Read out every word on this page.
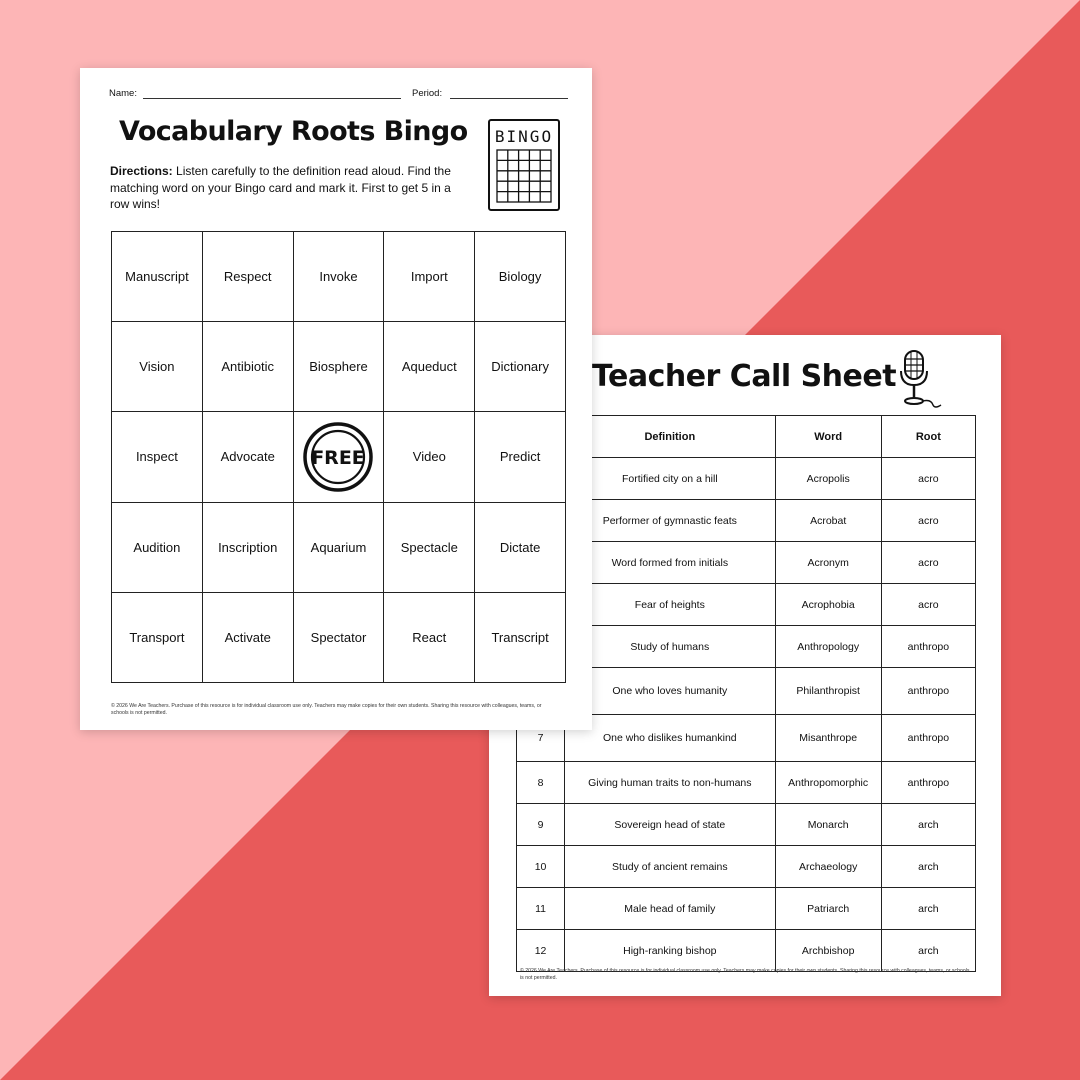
Teacher Call Sheet
	Definition	Word	Root
	Fortified city on a hill	Acropolis	acro
	Performer of gymnastic feats	Acrobat	acro
	Word formed from initials	Acronym	acro
	Fear of heights	Acrophobia	acro
	Study of humans	Anthropology	anthropo
	One who loves humanity	Philanthropist	anthropo
7	One who dislikes humankind	Misanthrope	anthropo
8	Giving human traits to non-humans	Anthropomorphic	anthropo
9	Sovereign head of state	Monarch	arch
10	Study of ancient remains	Archaeology	arch
11	Male head of family	Patriarch	arch
12	High-ranking bishop	Archbishop	arch
© 2026 We Are Teachers. Purchase of this resource is for individual classroom use only. Teachers may make copies for their own students. Sharing this resource with colleagues, teams, or schools is not permitted.
Name:	Period:
Vocabulary Roots Bingo

Directions: Listen carefully to the definition read aloud. Find the matching word on your Bingo card and mark it. First to get 5 in a row wins!

BINGO
Manuscript	Respect	Invoke	Import	Biology
Vision	Antibiotic	Biosphere	Aqueduct	Dictionary
Inspect	Advocate	FREE	Video	Predict
Audition	Inscription	Aquarium	Spectacle	Dictate
Transport	Activate	Spectator	React	Transcript
© 2026 We Are Teachers. Purchase of this resource is for individual classroom use only. Teachers may make copies for their own students. Sharing this resource with colleagues, teams, or schools is not permitted.
